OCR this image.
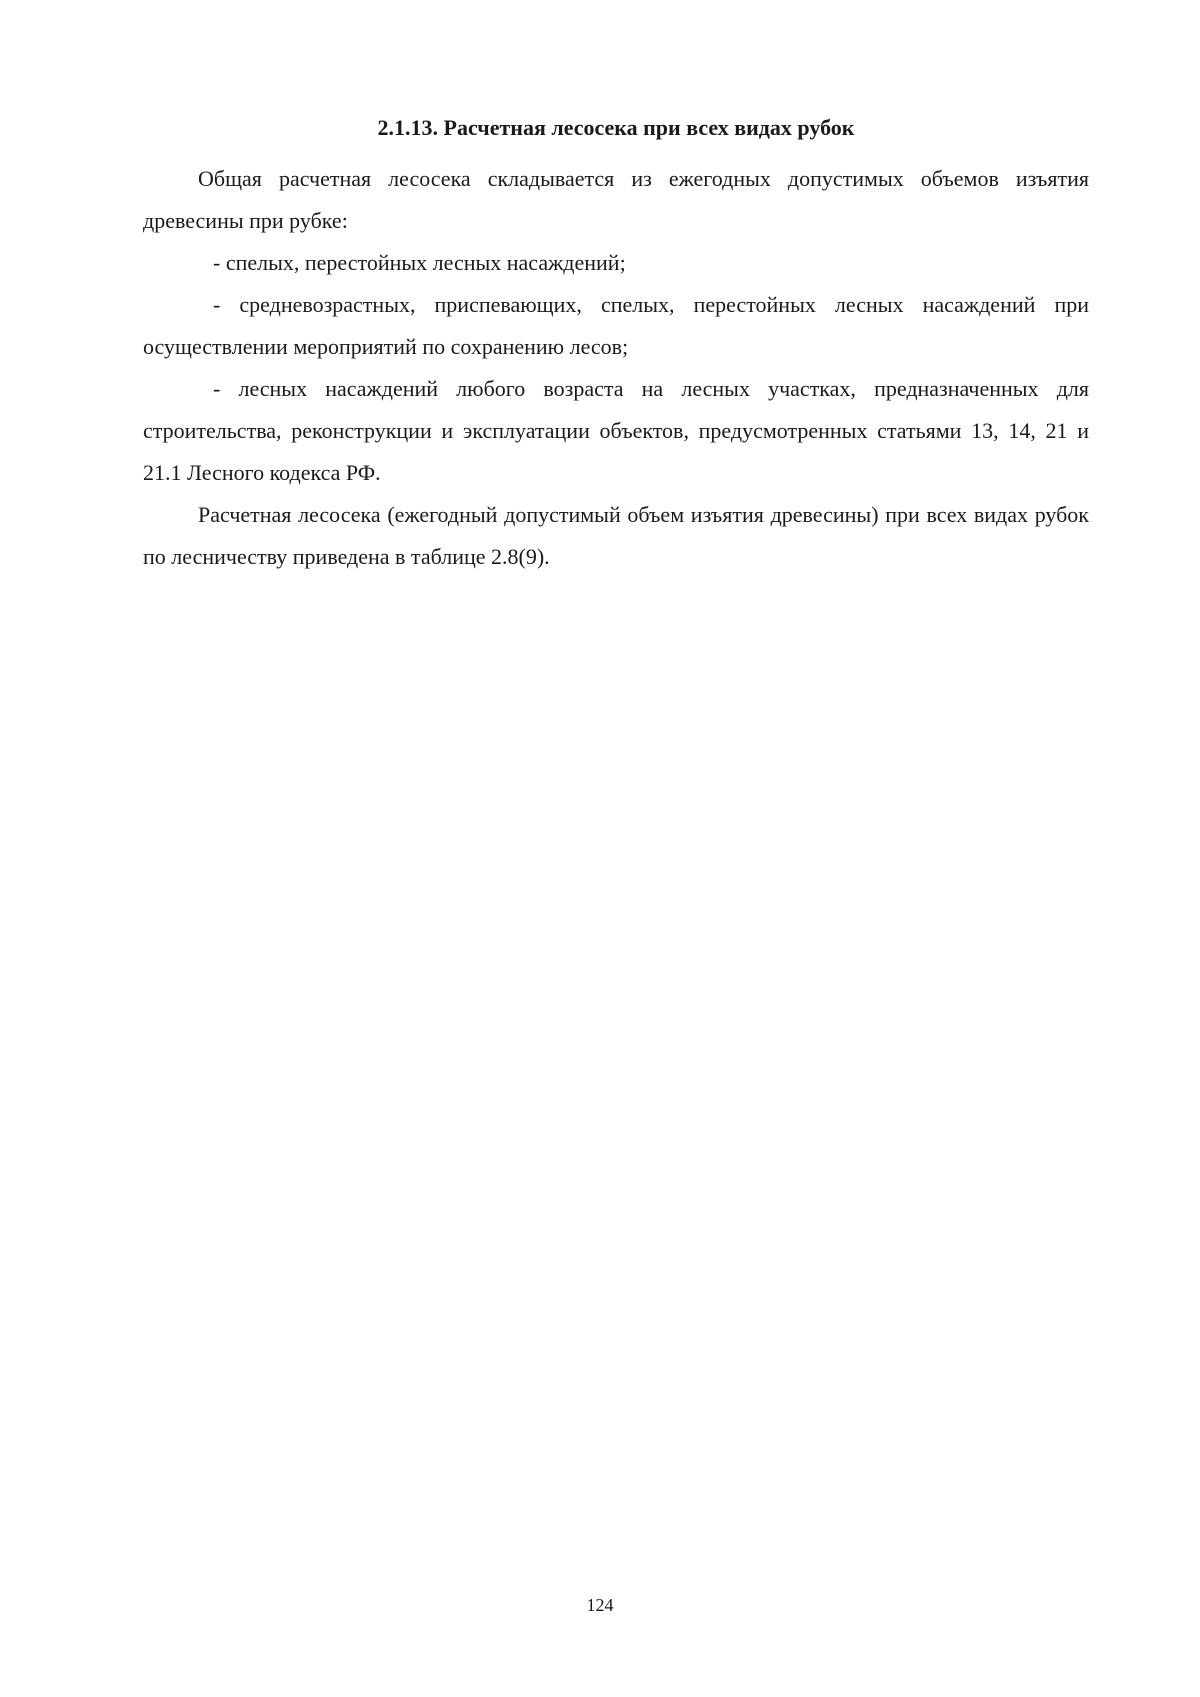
2.1.13. Расчетная лесосека при всех видах рубок

Общая расчетная лесосека складывается из ежегодных допустимых объемов изъятия древесины при рубке:

- спелых, перестойных лесных насаждений;

- средневозрастных, приспевающих, спелых, перестойных лесных насаждений при осуществлении мероприятий по сохранению лесов;

- лесных насаждений любого возраста на лесных участках, предназначенных для строительства, реконструкции и эксплуатации объектов, предусмотренных статьями 13, 14, 21 и 21.1 Лесного кодекса РФ.

Расчетная лесосека (ежегодный допустимый объем изъятия древесины) при всех видах рубок по лесничеству приведена в таблице 2.8(9).

124
